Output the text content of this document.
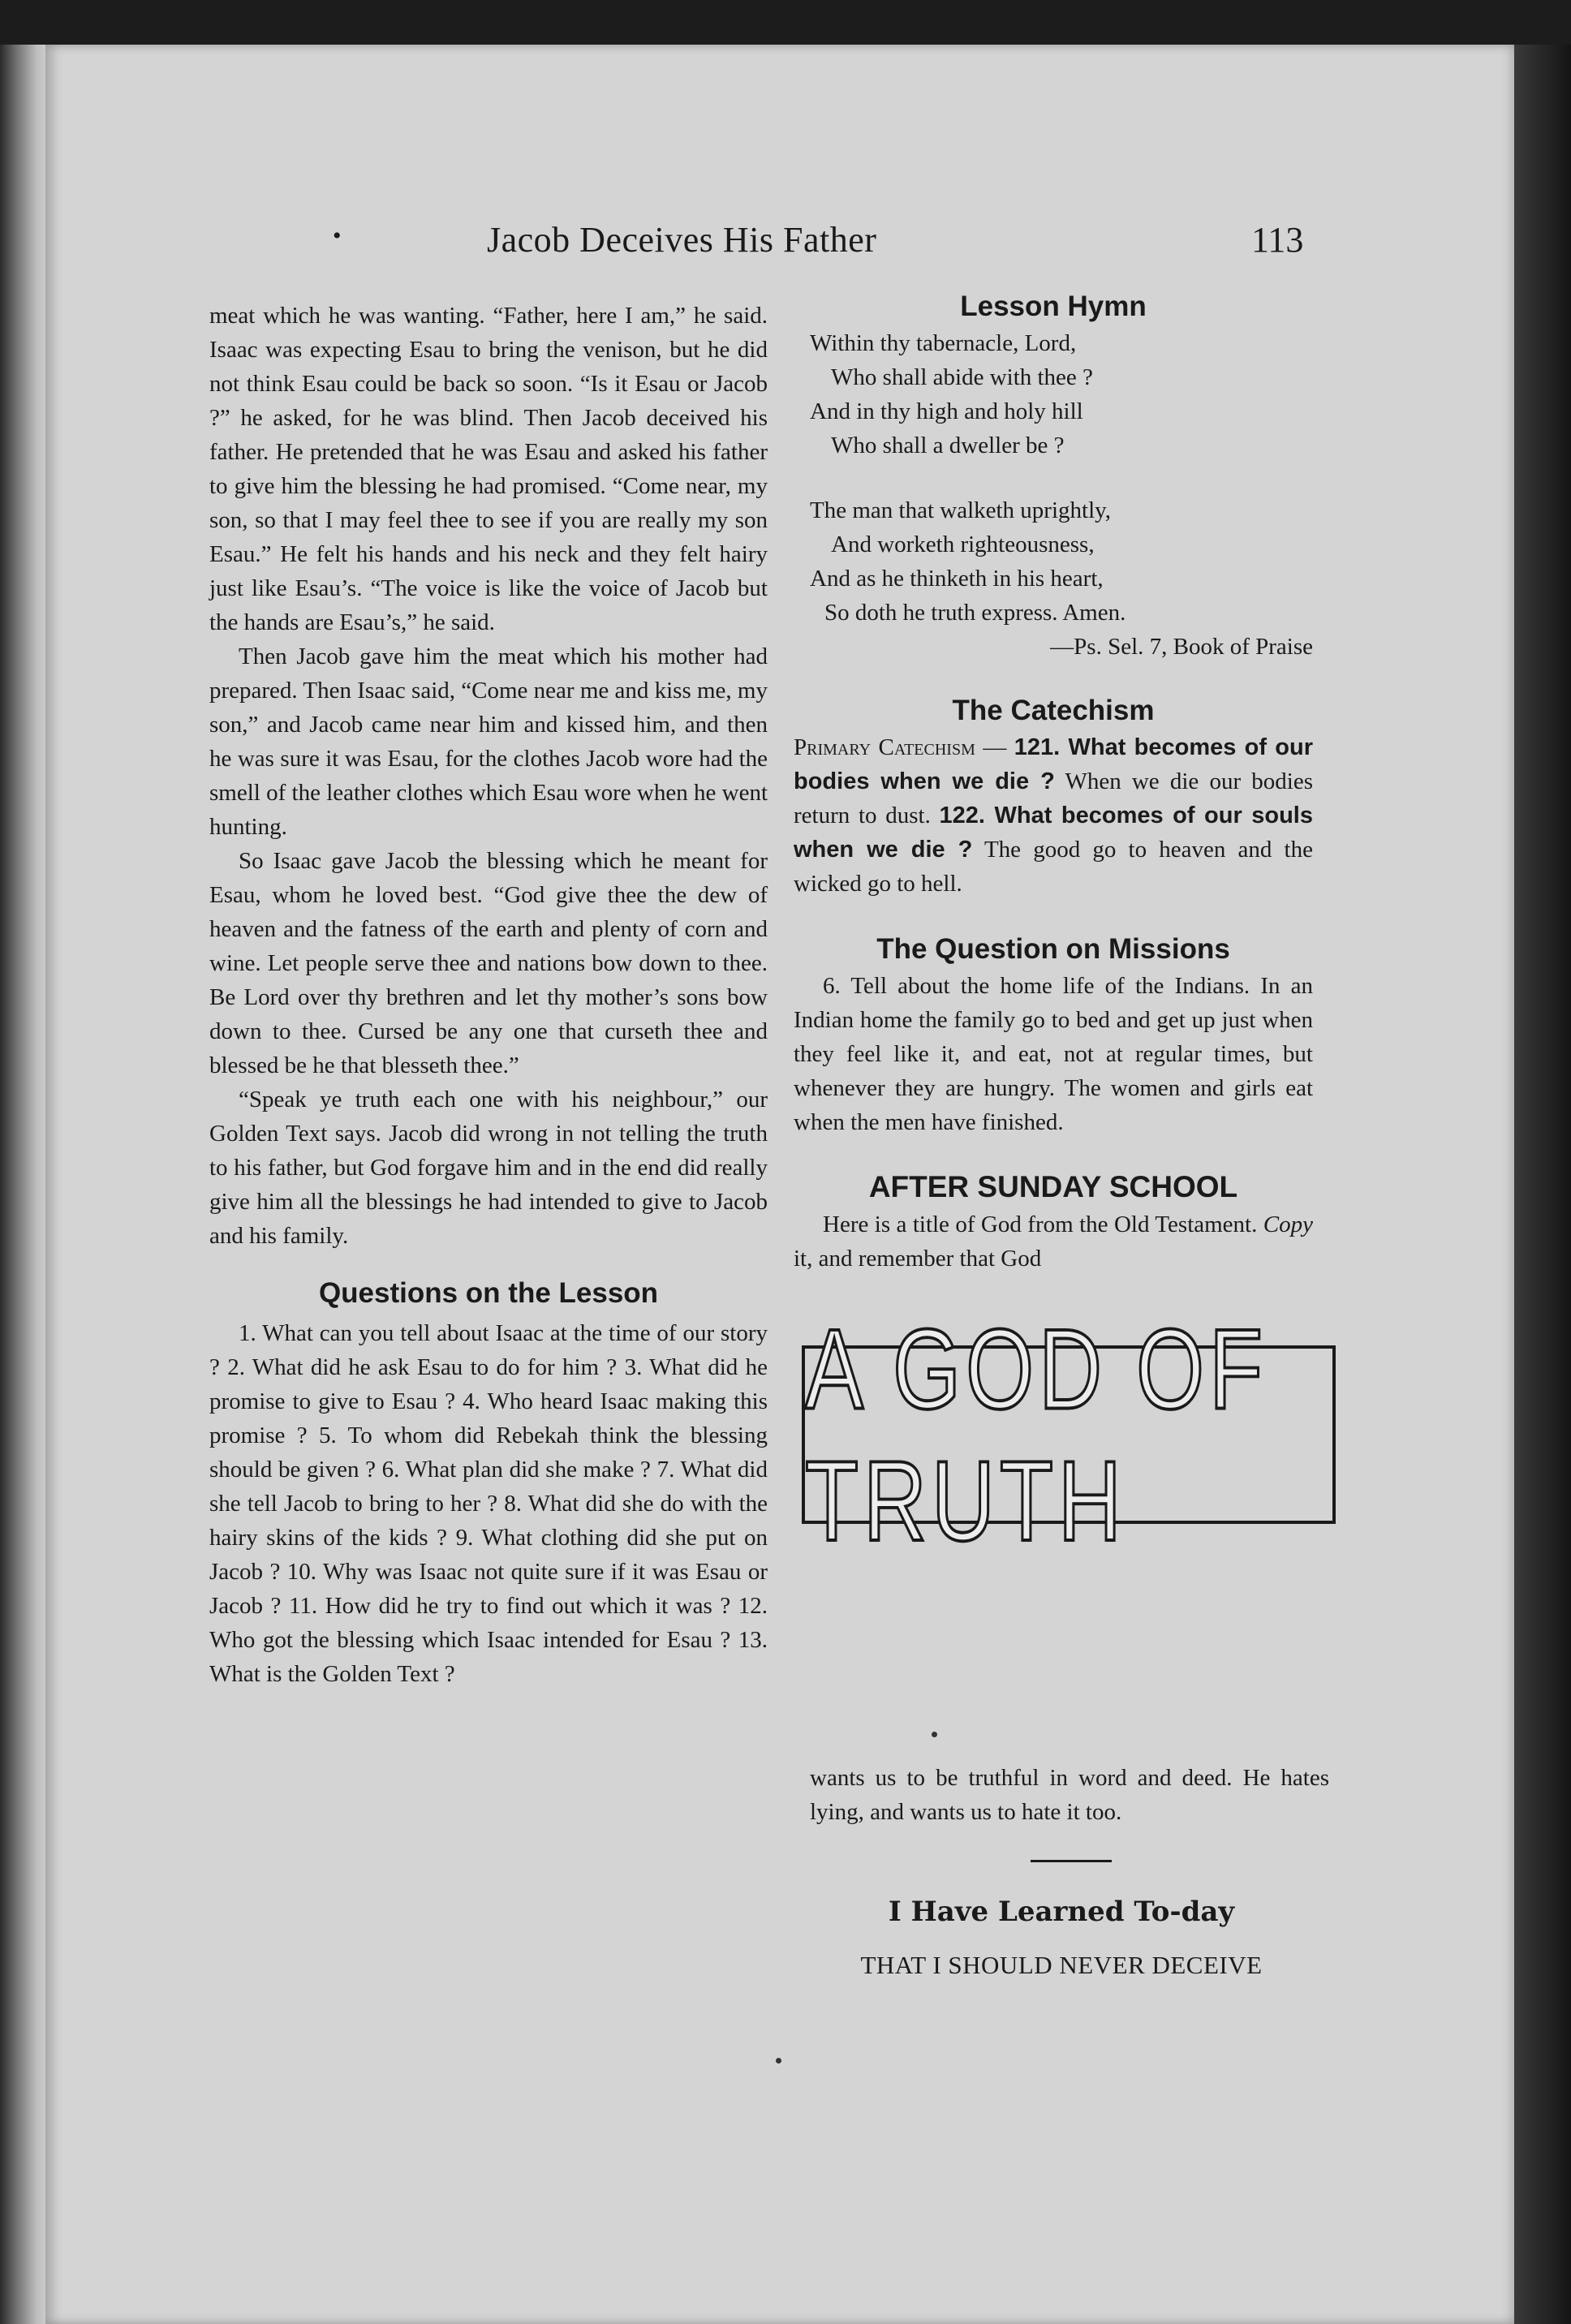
•	Jacob Deceives His Father	113

meat which he was wanting. “Father, here I am,” he said. Isaac was expecting Esau to bring the venison, but he did not think Esau could be back so soon. “Is it Esau or Jacob ?” he asked, for he was blind. Then Jacob deceived his father. He pretended that he was Esau and asked his father to give him the blessing he had promised. “Come near, my son, so that I may feel thee to see if you are really my son Esau.” He felt his hands and his neck and they felt hairy just like Esau’s. “The voice is like the voice of Jacob but the hands are Esau’s,” he said.

Then Jacob gave him the meat which his mother had prepared. Then Isaac said, “Come near me and kiss me, my son,” and Jacob came near him and kissed him, and then he was sure it was Esau, for the clothes Jacob wore had the smell of the leather clothes which Esau wore when he went hunting.

So Isaac gave Jacob the blessing which he meant for Esau, whom he loved best. “God give thee the dew of heaven and the fatness of the earth and plenty of corn and wine. Let people serve thee and nations bow down to thee. Be Lord over thy brethren and let thy mother’s sons bow down to thee. Cursed be any one that curseth thee and blessed be he that blesseth thee.”

“Speak ye truth each one with his neighbour,” our Golden Text says. Jacob did wrong in not telling the truth to his father, but God forgave him and in the end did really give him all the blessings he had intended to give to Jacob and his family.

Questions on the Lesson

1. What can you tell about Isaac at the time of our story ? 2. What did he ask Esau to do for him ? 3. What did he promise to give to Esau ? 4. Who heard Isaac making this promise ? 5. To whom did Rebekah think the blessing should be given ? 6. What plan did she make ? 7. What did she tell Jacob to bring to her ? 8. What did she do with the hairy skins of the kids ? 9. What clothing did she put on Jacob ? 10. Why was Isaac not quite sure if it was Esau or Jacob ? 11. How did he try to find out which it was ? 12. Who got the blessing which Isaac intended for Esau ? 13. What is the Golden Text ?

Lesson Hymn
Within thy tabernacle, Lord,
Who shall abide with thee ?
And in thy high and holy hill
Who shall a dweller be ?
The man that walketh uprightly,
And worketh righteousness,
And as he thinketh in his heart,
So doth he truth express. Amen.
—Ps. Sel. 7, Book of Praise
The Catechism

Primary Catechism — 121. What becomes of our bodies when we die ? When we die our bodies return to dust. 122. What becomes of our souls when we die ? The good go to heaven and the wicked go to hell.

The Question on Missions

6. Tell about the home life of the Indians. In an Indian home the family go to bed and get up just when they feel like it, and eat, not at regular times, but whenever they are hungry. The women and girls eat when the men have finished.

AFTER SUNDAY SCHOOL

Here is a title of God from the Old Testament. Copy it, and remember that God

A GOD OF TRUTH
wants us to be truthful in word and deed. He hates lying, and wants us to hate it too.
I Have Learned To-day
THAT I SHOULD NEVER DECEIVE
